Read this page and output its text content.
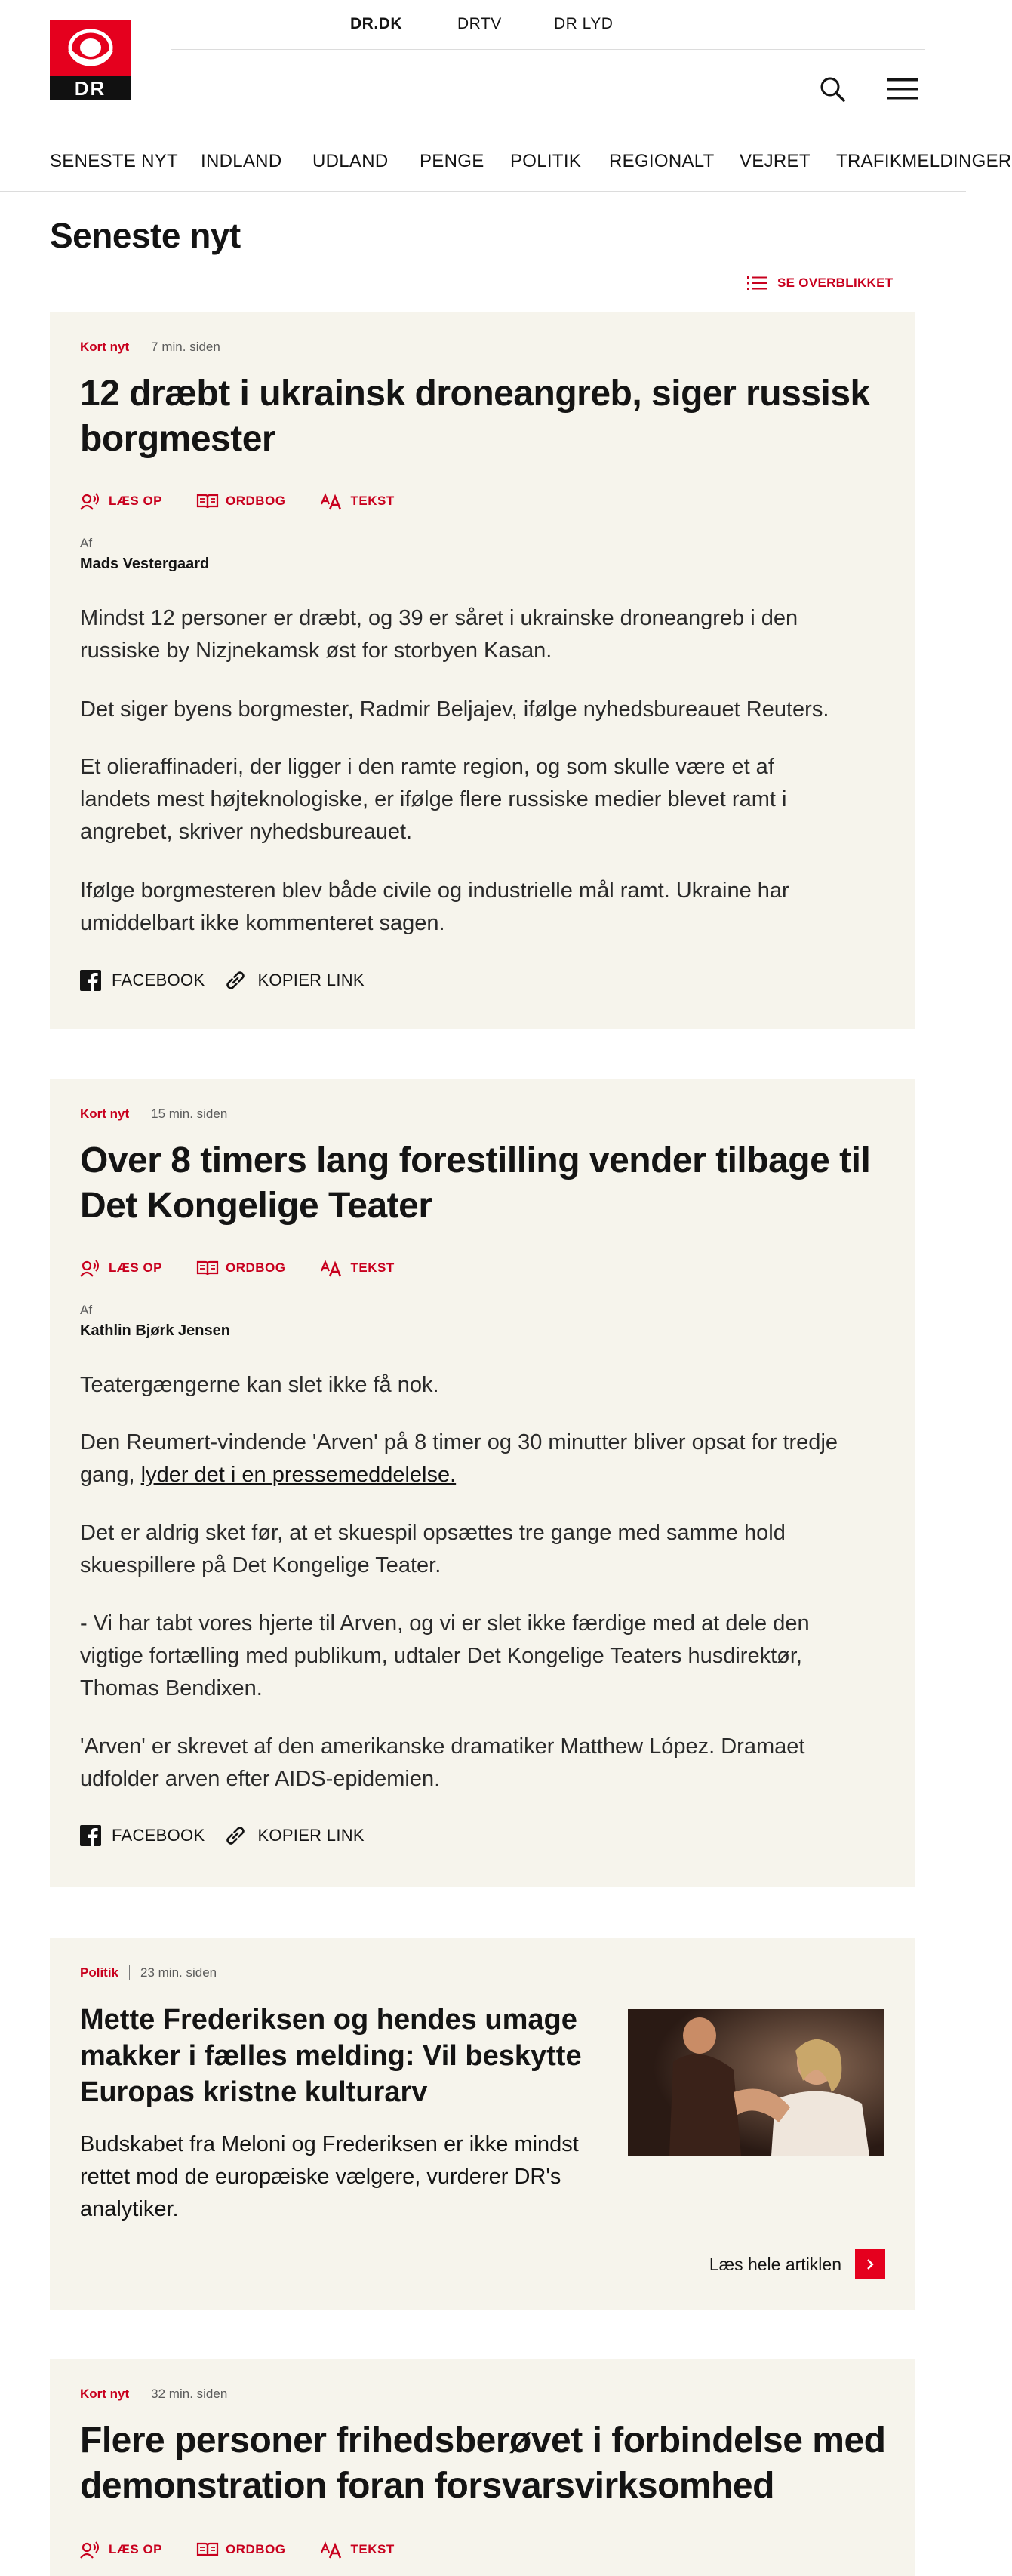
DR
DR.DK	DRTV	DR LYD
SENESTE NYT INDLAND UDLAND PENGE POLITIK REGIONALT VEJRET TRAFIKMELDINGER
Seneste nyt
SE OVERBLIKKET
Kort nyt 7 min. siden
12 dræbt i ukrainsk droneangreb, siger russisk borgmester
LÆS OP	ORDBOG	TEKST
Af
Mads Vestergaard

Mindst 12 personer er dræbt, og 39 er såret i ukrainske droneangreb i den russiske by Nizjnekamsk øst for storbyen Kasan.

Det siger byens borgmester, Radmir Beljajev, ifølge nyhedsbureauet Reuters.

Et olieraffinaderi, der ligger i den ramte region, og som skulle være et af landets mest højteknologiske, er ifølge flere russiske medier blevet ramt i angrebet, skriver nyhedsbureauet.

Ifølge borgmesteren blev både civile og industrielle mål ramt. Ukraine har umiddelbart ikke kommenteret sagen.

FACEBOOK	KOPIER LINK
Kort nyt 15 min. siden
Over 8 timers lang forestilling vender tilbage til Det Kongelige Teater
LÆS OP	ORDBOG	TEKST
Af
Kathlin Bjørk Jensen

Teatergængerne kan slet ikke få nok.

Den Reumert-vindende 'Arven' på 8 timer og 30 minutter bliver opsat for tredje gang, lyder det i en pressemeddelelse.

Det er aldrig sket før, at et skuespil opsættes tre gange med samme hold skuespillere på Det Kongelige Teater.

- Vi har tabt vores hjerte til Arven, og vi er slet ikke færdige med at dele den vigtige fortælling med publikum, udtaler Det Kongelige Teaters husdirektør, Thomas Bendixen.

'Arven' er skrevet af den amerikanske dramatiker Matthew López. Dramaet udfolder arven efter AIDS-epidemien.

FACEBOOK	KOPIER LINK
Politik 23 min. siden
Mette Frederiksen og hendes umage makker i fælles melding: Vil beskytte Europas kristne kulturarv

Budskabet fra Meloni og Frederiksen er ikke mindst rettet mod de europæiske vælgere, vurderer DR's analytiker.

Læs hele artiklen
Kort nyt 32 min. siden
Flere personer frihedsberøvet i forbindelse med demonstration foran forsvarsvirksomhed
LÆS OP	ORDBOG	TEKST
